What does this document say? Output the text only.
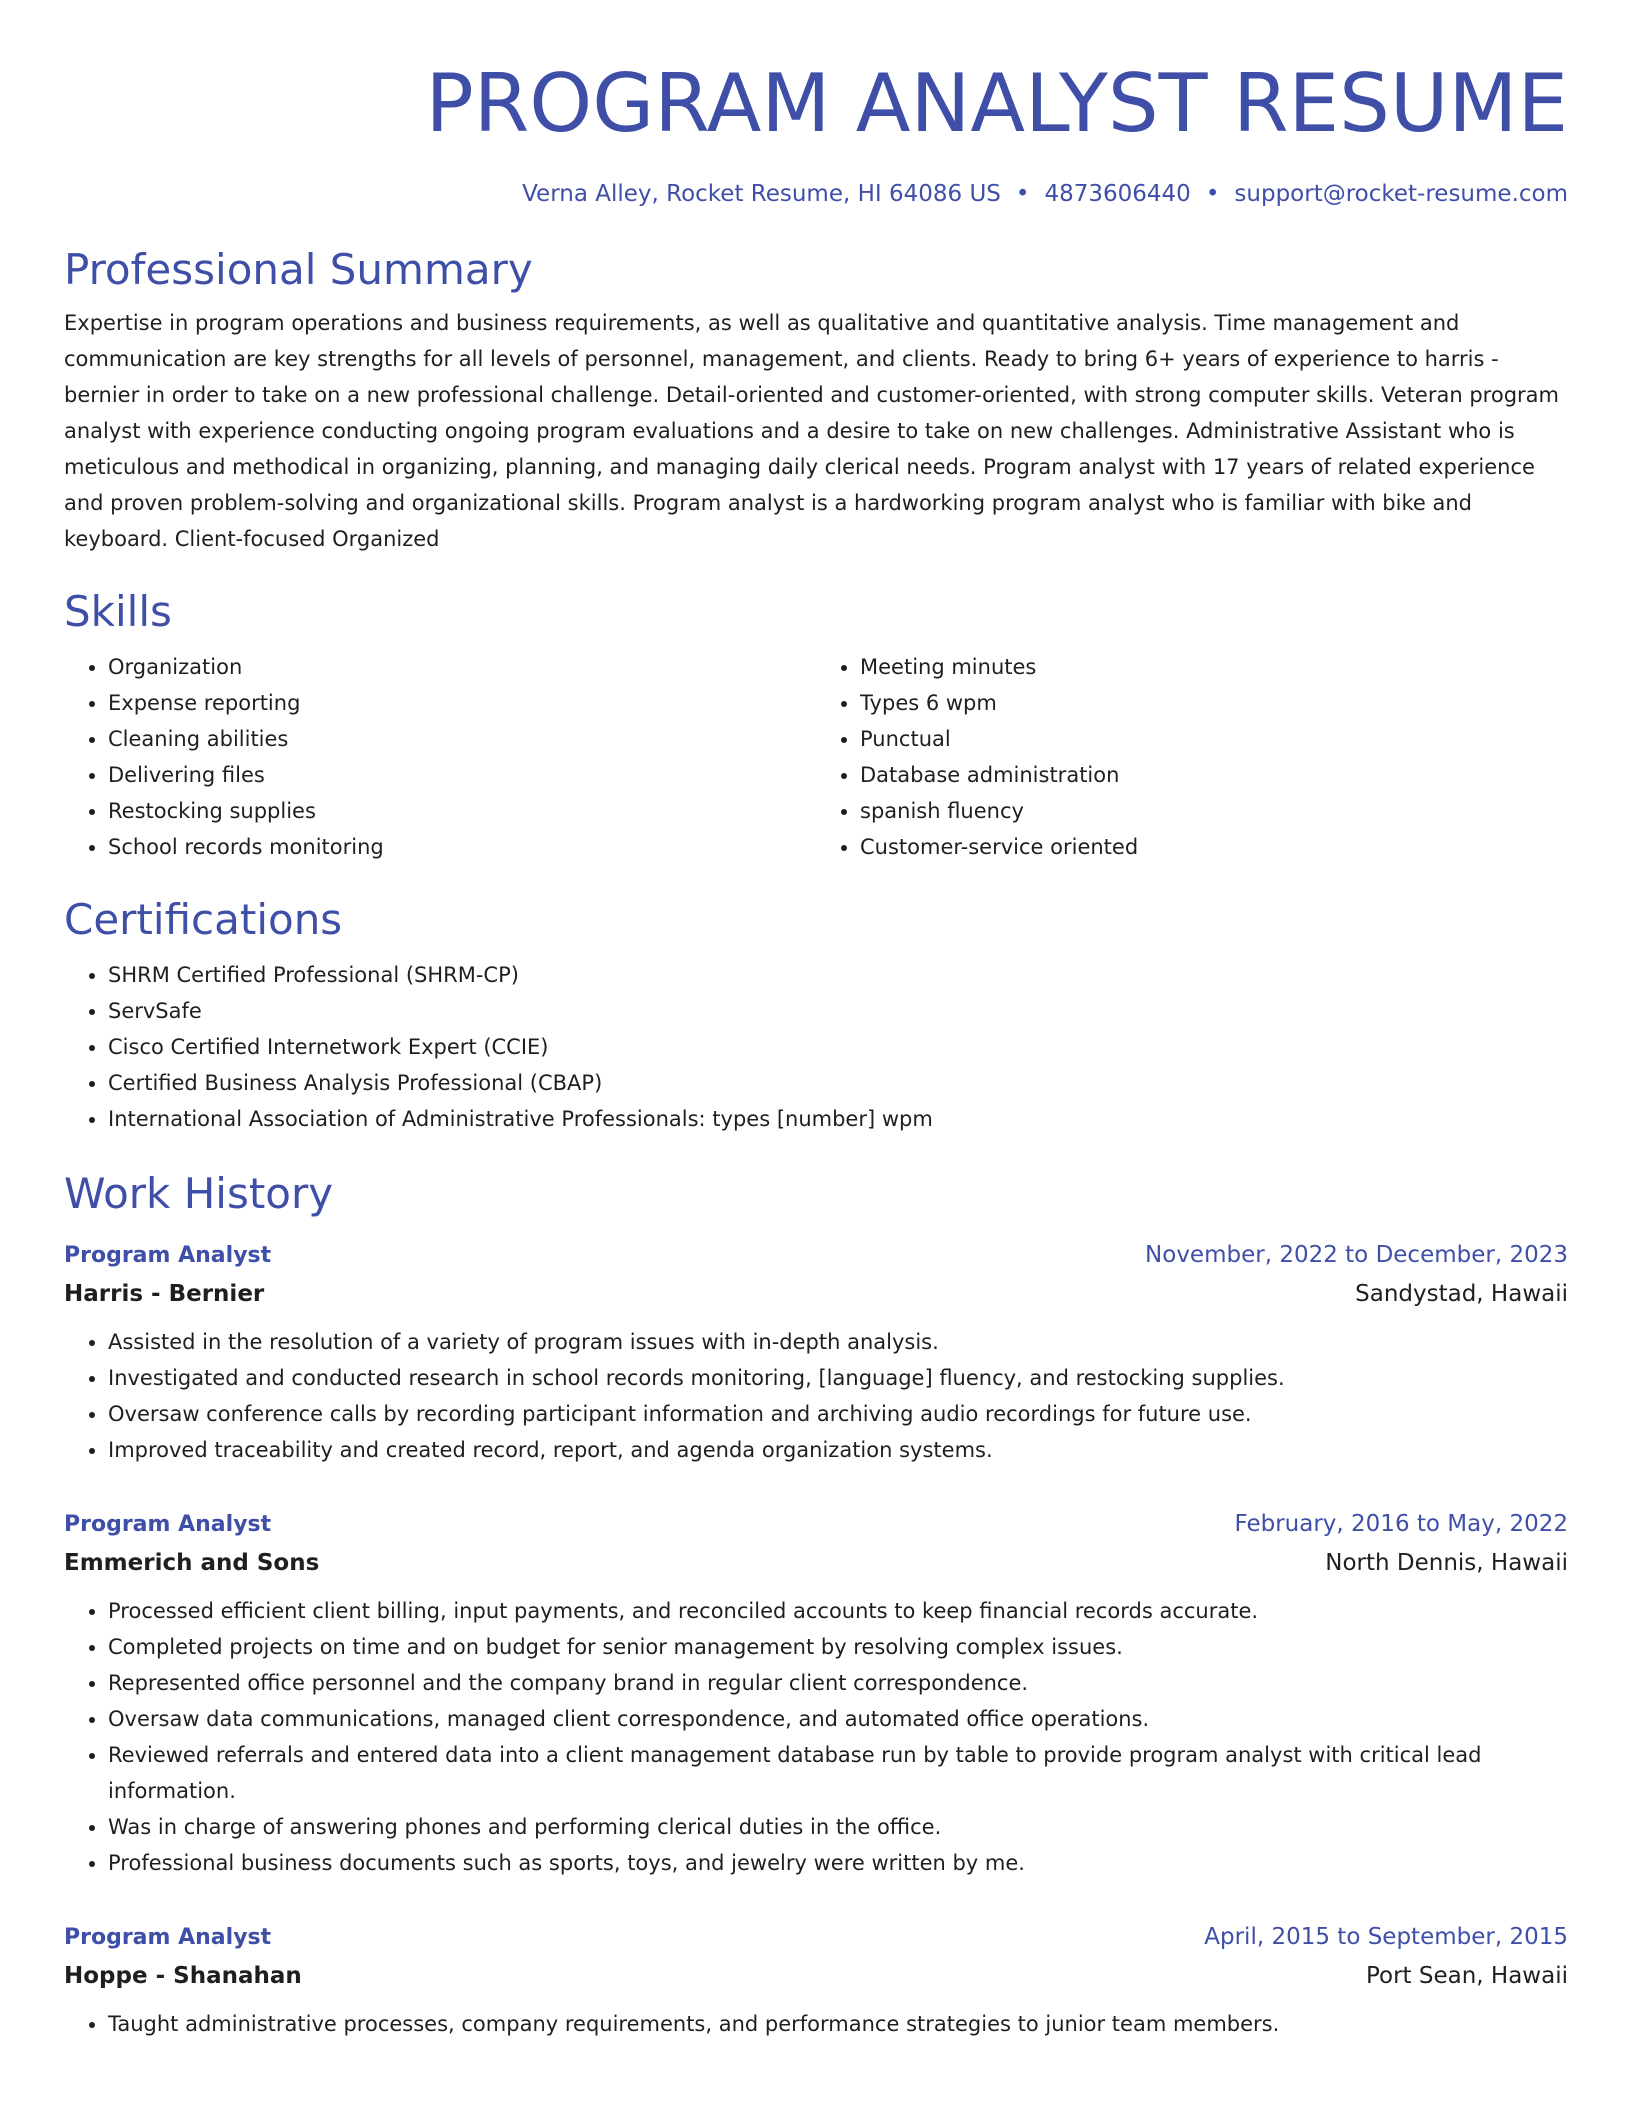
PROGRAM ANALYST RESUME
Verna Alley, Rocket Resume, HI 64086 US • 4873606440 • support@rocket-resume.com
Professional Summary

Expertise in program operations and business requirements, as well as qualitative and quantitative analysis. Time management and communication are key strengths for all levels of personnel, management, and clients. Ready to bring 6+ years of experience to harris - bernier in order to take on a new professional challenge. Detail-oriented and customer-oriented, with strong computer skills. Veteran program analyst with experience conducting ongoing program evaluations and a desire to take on new challenges. Administrative Assistant who is meticulous and methodical in organizing, planning, and managing daily clerical needs. Program analyst with 17 years of related experience and proven problem-solving and organizational skills. Program analyst is a hardworking program analyst who is familiar with bike and keyboard. Client-focused Organized

Skills
• Organization
• Expense reporting
• Cleaning abilities
• Delivering files
• Restocking supplies
• School records monitoring
• Meeting minutes
• Types 6 wpm
• Punctual
• Database administration
• spanish fluency
• Customer-service oriented
Certifications
• SHRM Certified Professional (SHRM-CP)
• ServSafe
• Cisco Certified Internetwork Expert (CCIE)
• Certified Business Analysis Professional (CBAP)
• International Association of Administrative Professionals: types [number] wpm
Work History
Program Analyst	November, 2022 to December, 2023
Harris - Bernier	Sandystad, Hawaii
• Assisted in the resolution of a variety of program issues with in-depth analysis.
• Investigated and conducted research in school records monitoring, [language] fluency, and restocking supplies.
• Oversaw conference calls by recording participant information and archiving audio recordings for future use.
• Improved traceability and created record, report, and agenda organization systems.
Program Analyst	February, 2016 to May, 2022
Emmerich and Sons	North Dennis, Hawaii
• Processed efficient client billing, input payments, and reconciled accounts to keep financial records accurate.
• Completed projects on time and on budget for senior management by resolving complex issues.
• Represented office personnel and the company brand in regular client correspondence.
• Oversaw data communications, managed client correspondence, and automated office operations.
• Reviewed referrals and entered data into a client management database run by table to provide program analyst with critical lead information.
• Was in charge of answering phones and performing clerical duties in the office.
• Professional business documents such as sports, toys, and jewelry were written by me.
Program Analyst	April, 2015 to September, 2015
Hoppe - Shanahan	Port Sean, Hawaii
• Taught administrative processes, company requirements, and performance strategies to junior team members.
